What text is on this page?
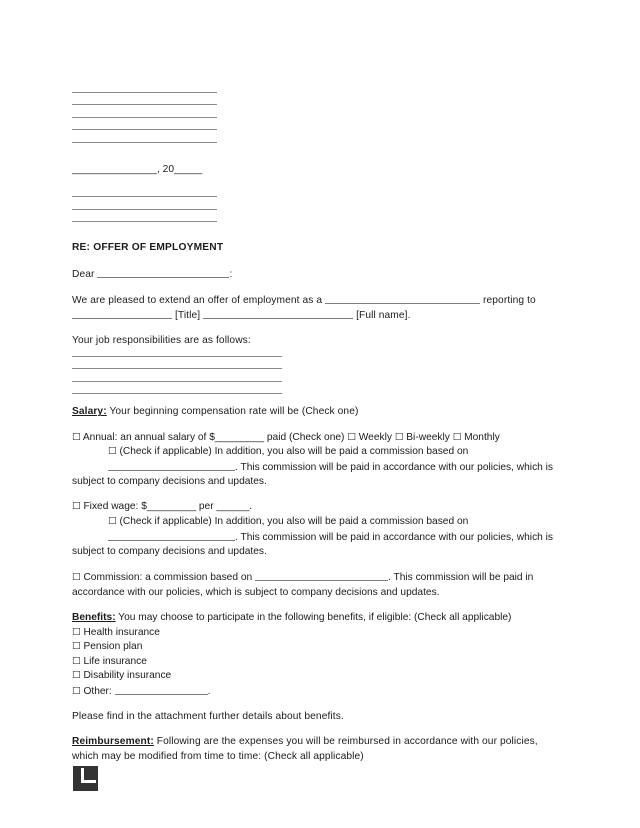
_______________, 20_____
RE: OFFER OF EMPLOYMENT
Dear	:
We are pleased to extend an offer of employment as a	reporting to
[Title]	[Full name].
Your job responsibilities are as follows:
Salary: Your beginning compensation rate will be (Check one)
☐ Annual: an annual salary of $_________ paid (Check one) ☐ Weekly ☐ Bi-weekly ☐ Monthly
☐ (Check if applicable) In addition, you also will be paid a commission based on
. This commission will be paid in accordance with our policies, which is
subject to company decisions and updates.
☐ Fixed wage: $_________ per ______.
☐ (Check if applicable) In addition, you also will be paid a commission based on
. This commission will be paid in accordance with our policies, which is
subject to company decisions and updates.
☐ Commission: a commission based on	. This commission will be paid in
accordance with our policies, which is subject to company decisions and updates.
Benefits: You may choose to participate in the following benefits, if eligible: (Check all applicable)
☐ Health insurance
☐ Pension plan
☐ Life insurance
☐ Disability insurance
☐ Other:	.
Please find in the attachment further details about benefits.
Reimbursement: Following are the expenses you will be reimbursed in accordance with our policies,
which may be modified from time to time: (Check all applicable)
